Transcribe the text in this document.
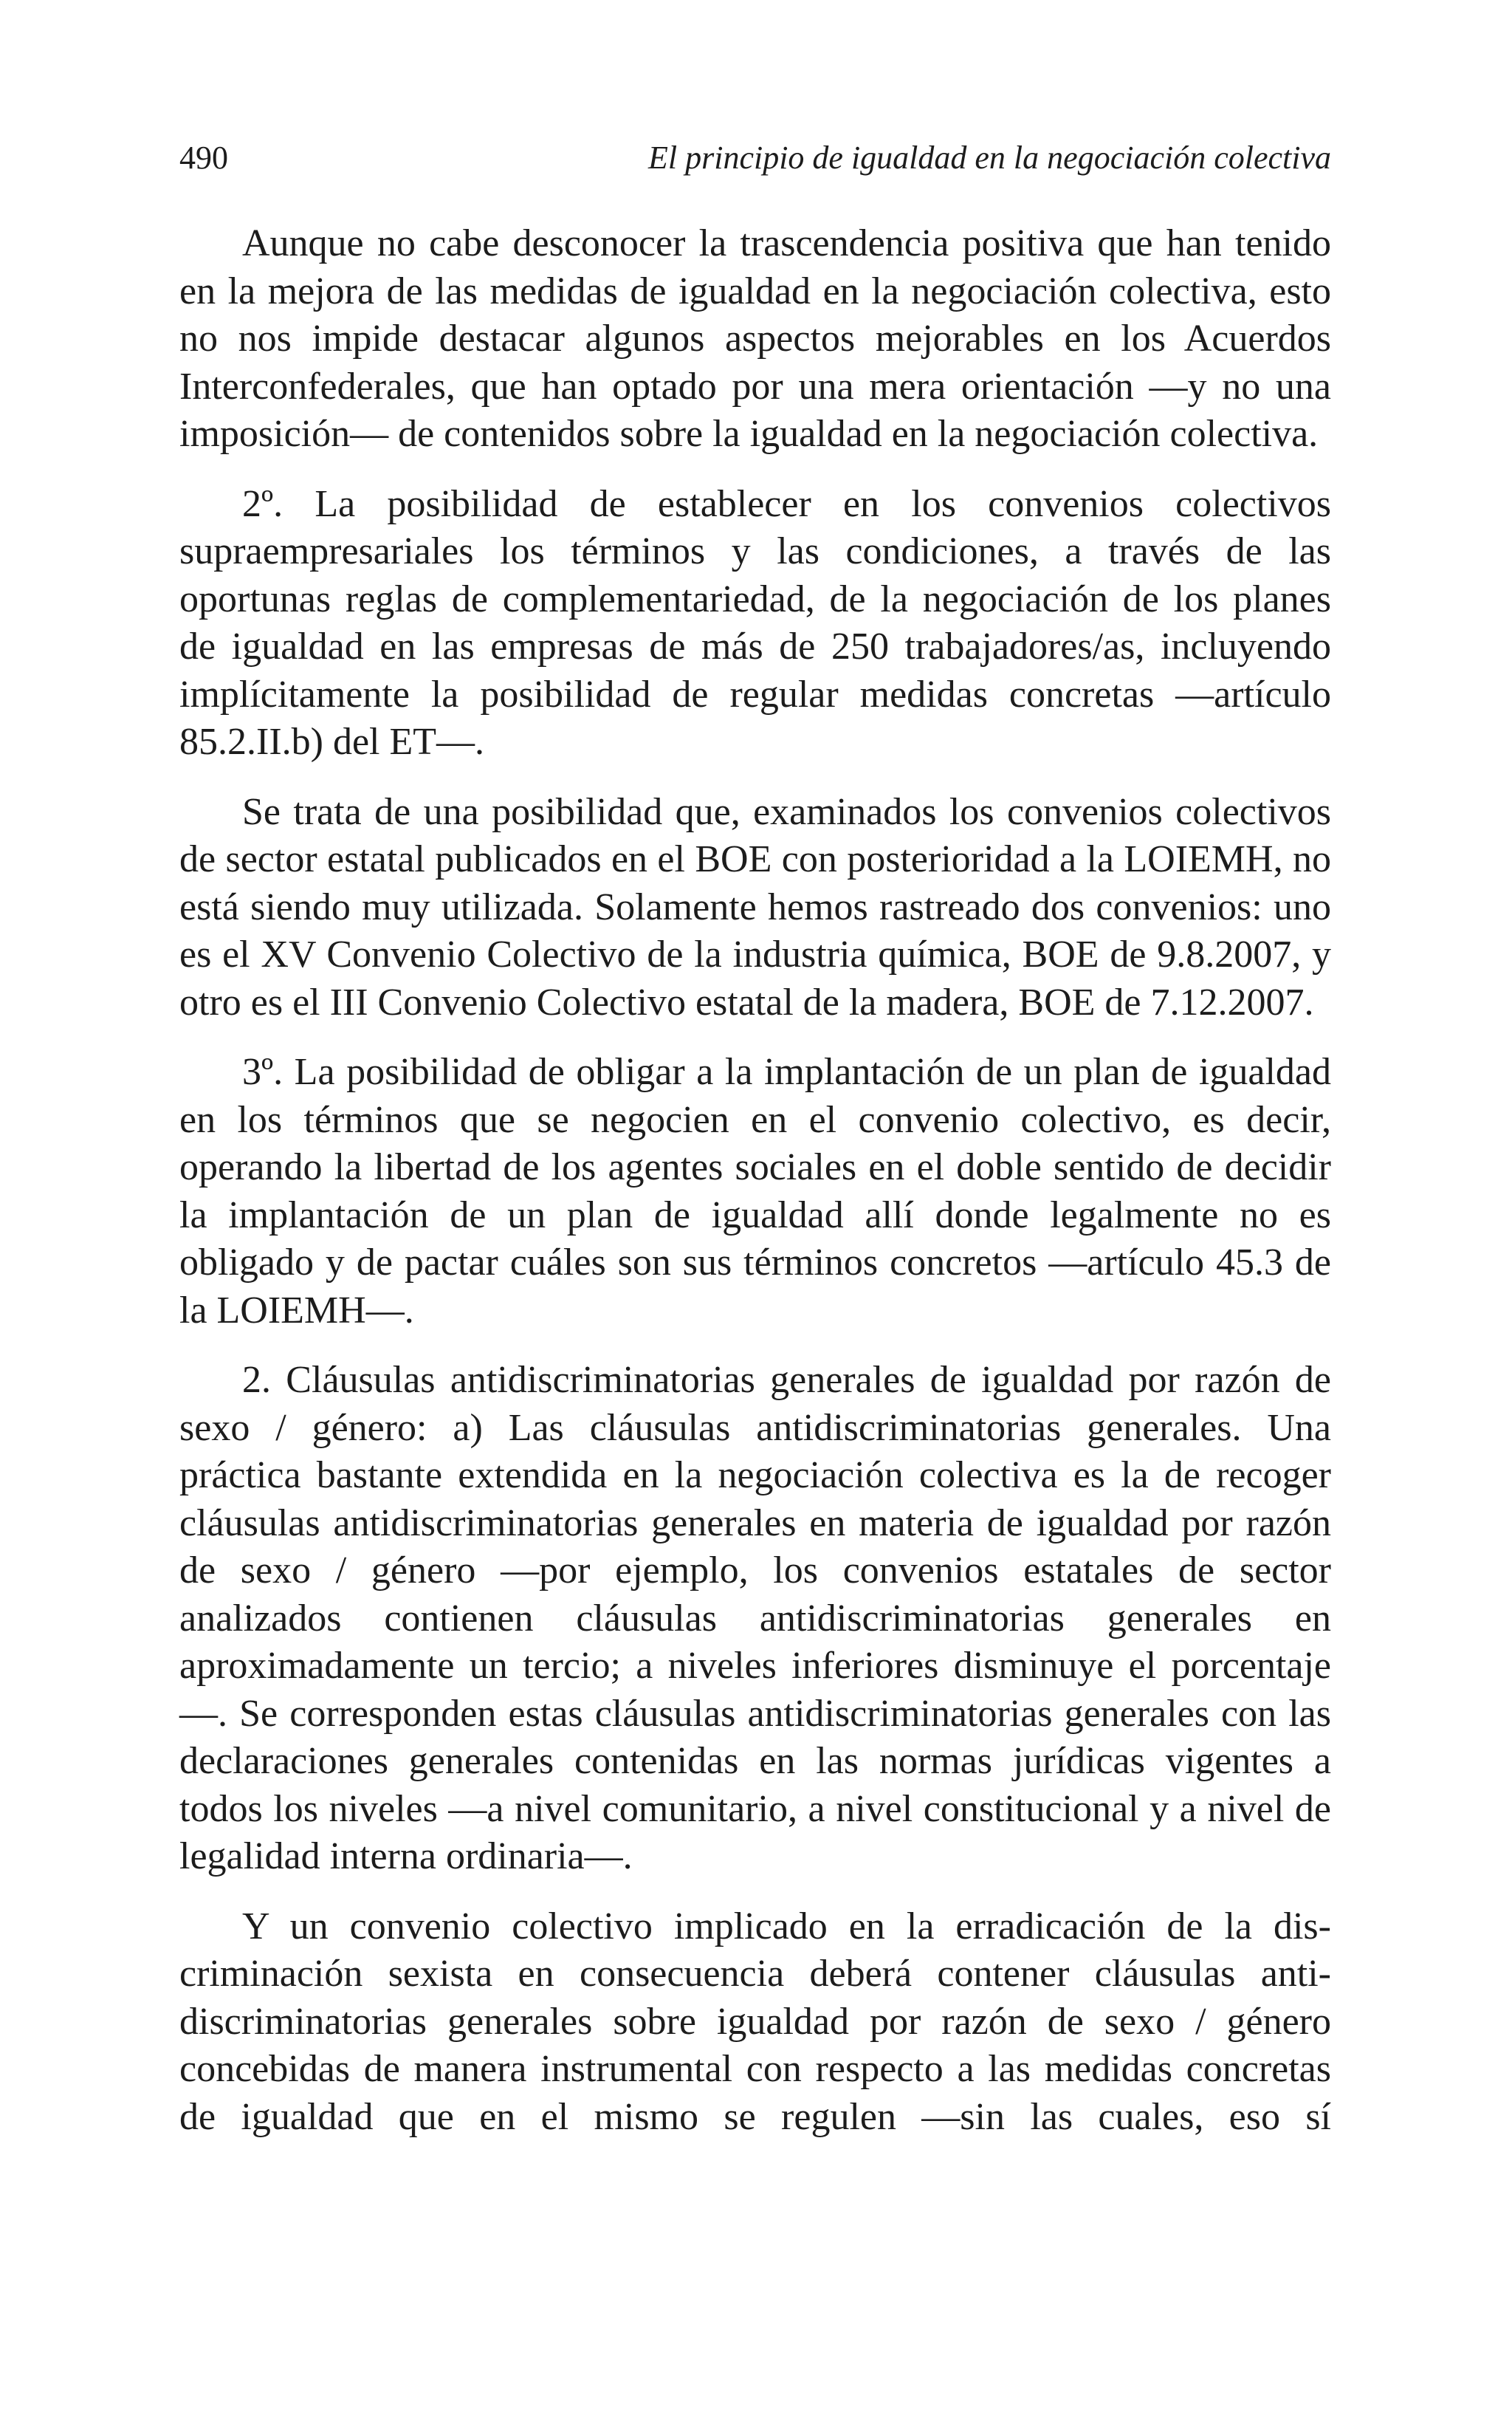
490	El principio de igualdad en la negociación colectiva

Aunque no cabe desconocer la trascendencia positiva que han tenido en la mejora de las medidas de igualdad en la negociación colectiva, esto no nos impide destacar algunos aspectos mejorables en los Acuerdos Interconfederales, que han optado por una mera orientación —y no una imposición— de contenidos sobre la igualdad en la negociación colectiva.

2º. La posibilidad de establecer en los convenios colectivos supraempresariales los términos y las condiciones, a través de las oportunas reglas de complementariedad, de la negociación de los planes de igualdad en las empresas de más de 250 trabajadores/as, incluyendo implícitamente la posibilidad de regular medidas concretas —artículo 85.2.II.b) del ET—.

Se trata de una posibilidad que, examinados los convenios colectivos de sector estatal publicados en el BOE con posterioridad a la LOIEMH, no está siendo muy utilizada. Solamente hemos rastreado dos convenios: uno es el XV Convenio Colectivo de la industria química, BOE de 9.8.2007, y otro es el III Convenio Colectivo estatal de la madera, BOE de 7.12.2007.

3º. La posibilidad de obligar a la implantación de un plan de igualdad en los términos que se negocien en el convenio colectivo, es decir, operando la libertad de los agentes sociales en el doble sentido de decidir la implantación de un plan de igualdad allí donde legalmente no es obligado y de pactar cuáles son sus términos concretos —artículo 45.3 de la LOIEMH—.

2. Cláusulas antidiscriminatorias generales de igualdad por razón de sexo / género: a) Las cláusulas antidiscriminatorias generales. Una práctica bastante extendida en la negociación colectiva es la de recoger cláusulas antidiscriminatorias generales en materia de igualdad por razón de sexo / género —por ejemplo, los convenios estatales de sector analizados contienen cláusulas antidiscriminatorias generales en aproximadamente un tercio; a niveles inferiores disminuye el porcentaje—. Se corresponden estas cláusulas antidiscriminatorias generales con las declaraciones generales contenidas en las normas jurídicas vigentes a todos los niveles —a nivel comunitario, a nivel constitucional y a nivel de legalidad interna ordinaria—.

Y un convenio colectivo implicado en la erradicación de la discriminación sexista en consecuencia deberá contener cláusulas antidiscriminatorias generales sobre igualdad por razón de sexo / género concebidas de manera instrumental con respecto a las medidas concretas de igualdad que en el mismo se regulen —sin las cuales, eso sí
